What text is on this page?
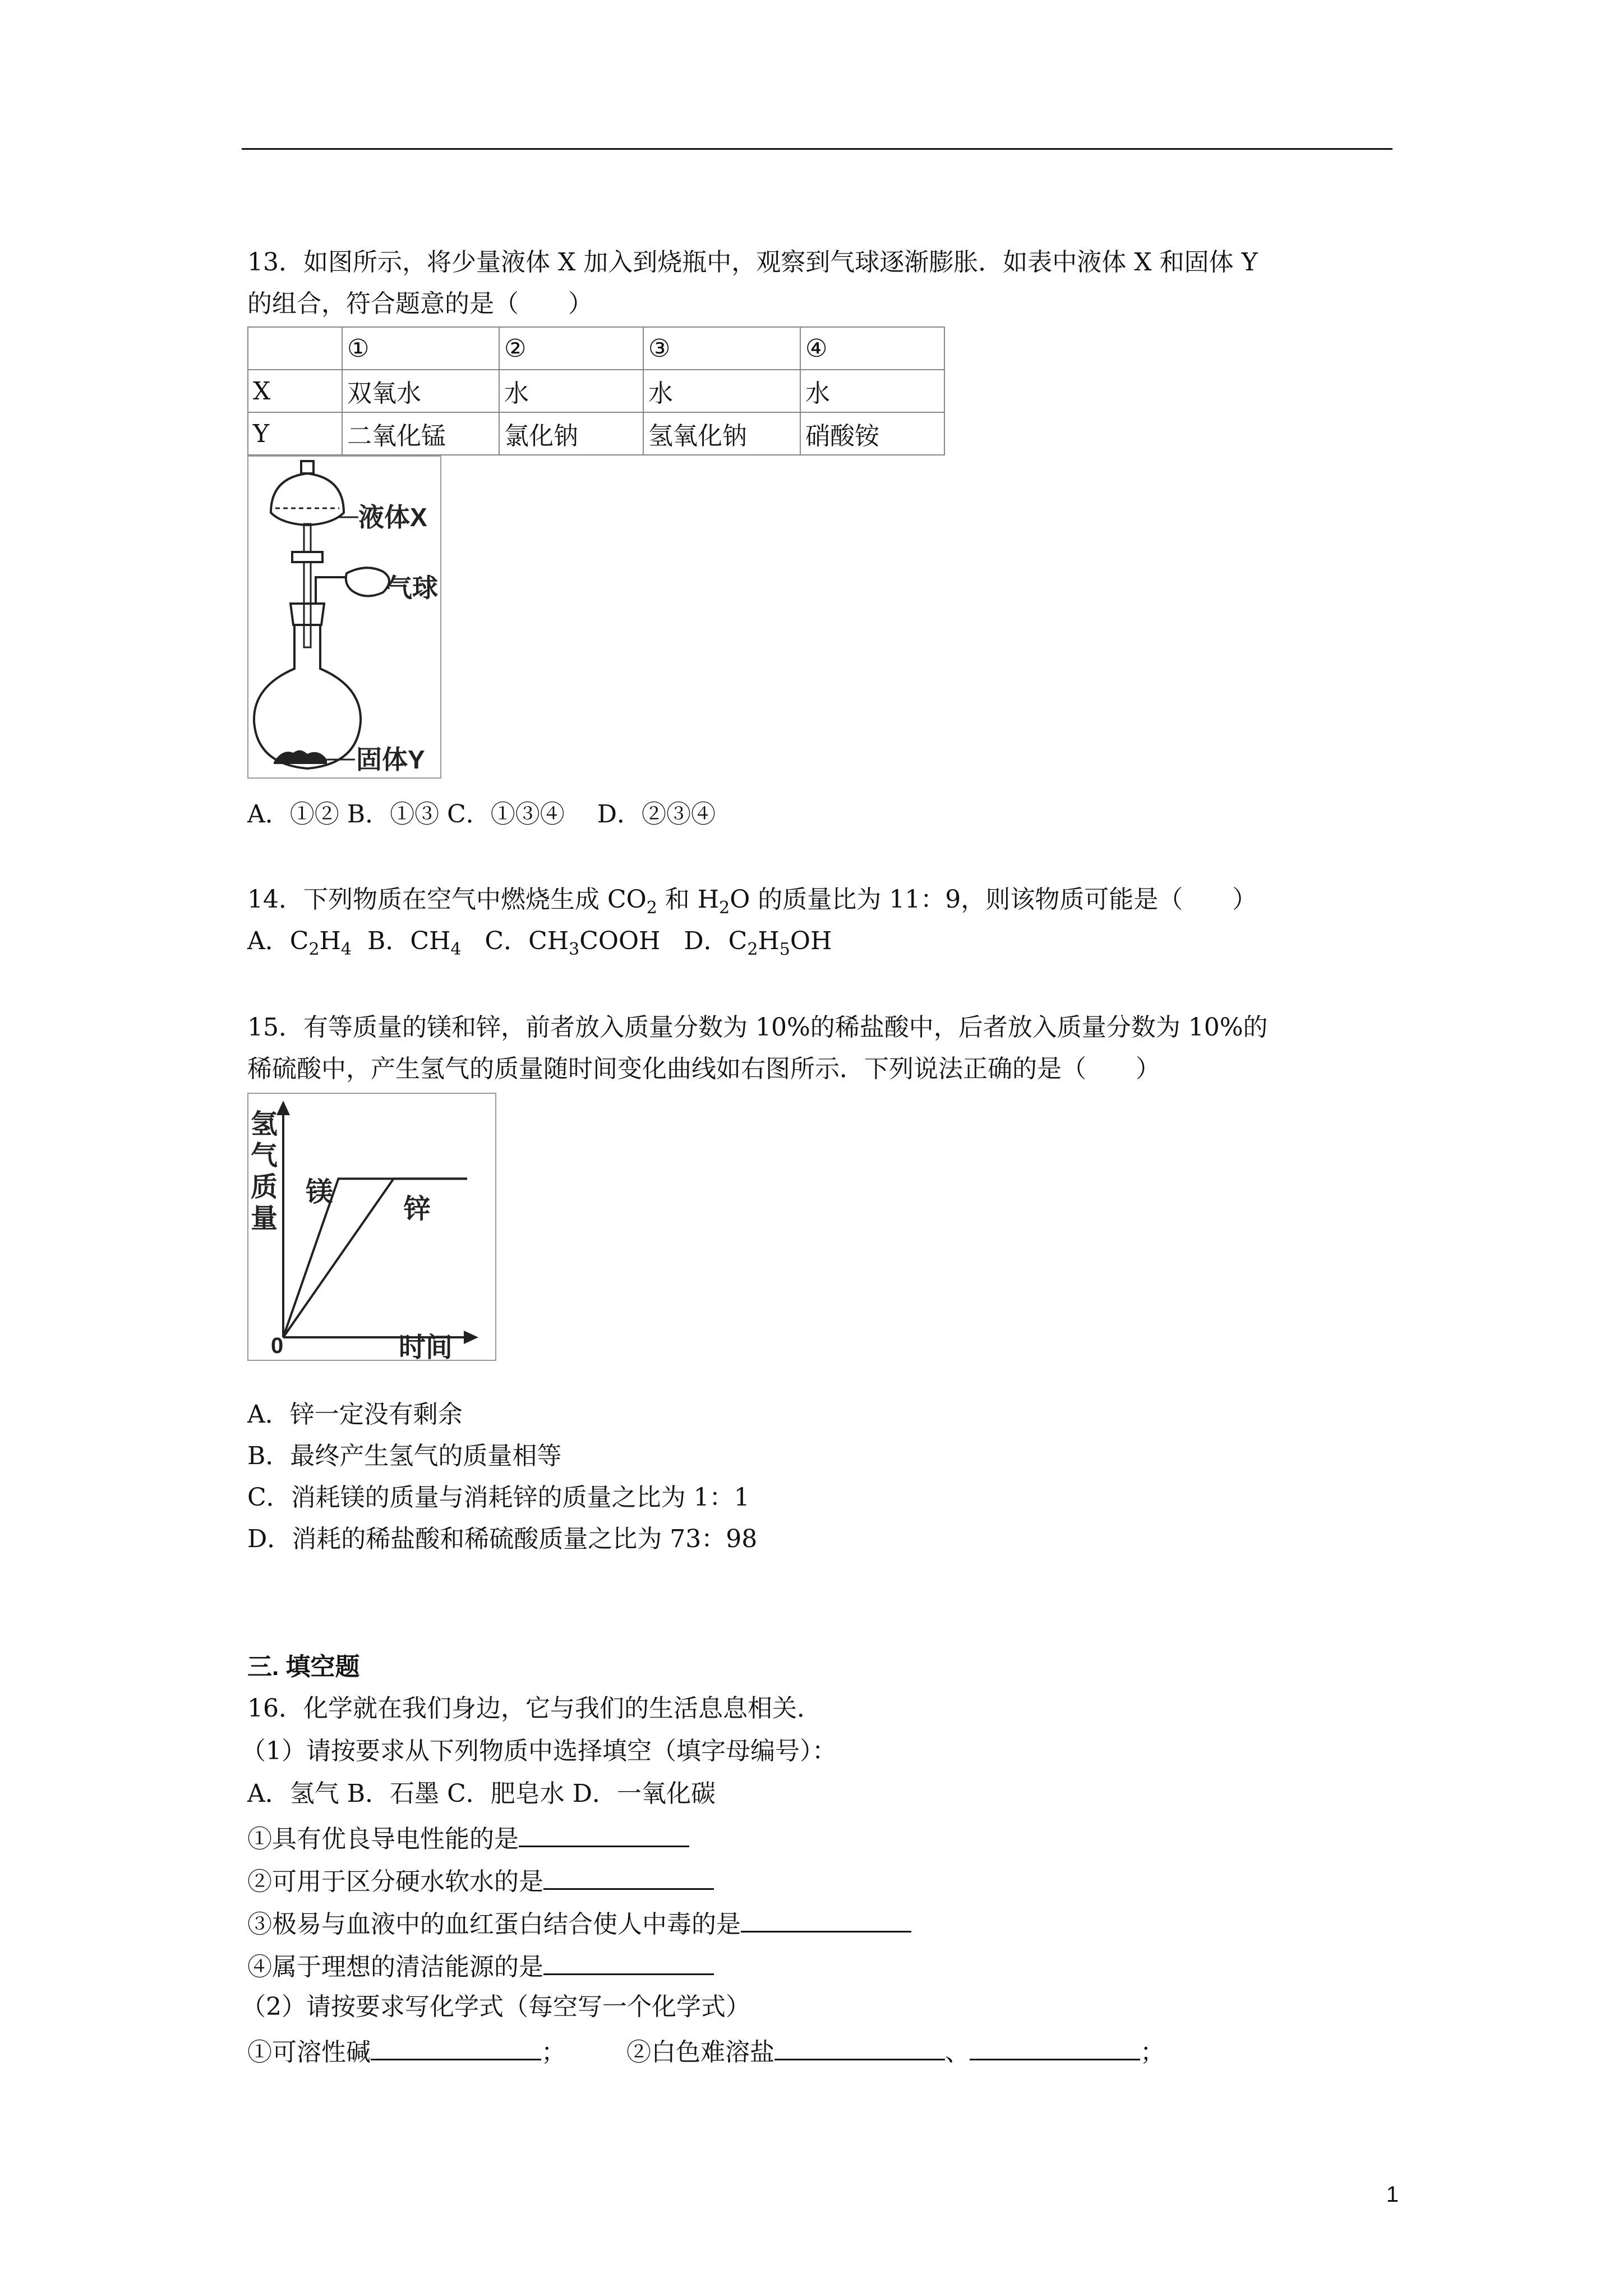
13．如图所示，将少量液体 X 加入到烧瓶中，观察到气球逐渐膨胀．如表中液体 X 和固体 Y
的组合，符合题意的是（　　）
	①	②	③	④
X	双氧水	水	水	水
Y	二氧化锰	氯化钠	氢氧化钠	硝酸铵
液体X
气球
固体Y
A．①② B．①③ C．①③④　 D．②③④
14．下列物质在空气中燃烧生成 $CO_2$ 和 $H_2O$ 的质量比为 11：9，则该物质可能是（　　）
A．$C_2H_4$  B．$CH_4$   C．$CH_3COOH$   D．$C_2H_5OH$
15．有等质量的镁和锌，前者放入质量分数为 10%的稀盐酸中，后者放入质量分数为 10%的
稀硫酸中，产生氢气的质量随时间变化曲线如右图所示．下列说法正确的是（　　）
氢
气
质
量
时间
0
镁
锌
A．锌一定没有剩余
B．最终产生氢气的质量相等
C．消耗镁的质量与消耗锌的质量之比为 1：1
D．消耗的稀盐酸和稀硫酸质量之比为 73：98
三. 填空题
16．化学就在我们身边，它与我们的生活息息相关．
（1）请按要求从下列物质中选择填空（填字母编号）：
A．氢气 B．石墨 C．肥皂水 D．一氧化碳
①具有优良导电性能的是
②可用于区分硬水软水的是
③极易与血液中的血红蛋白结合使人中毒的是
④属于理想的清洁能源的是
（2）请按要求写化学式（每空写一个化学式）
①可溶性碱	； ②白色难溶盐	、	；
1
